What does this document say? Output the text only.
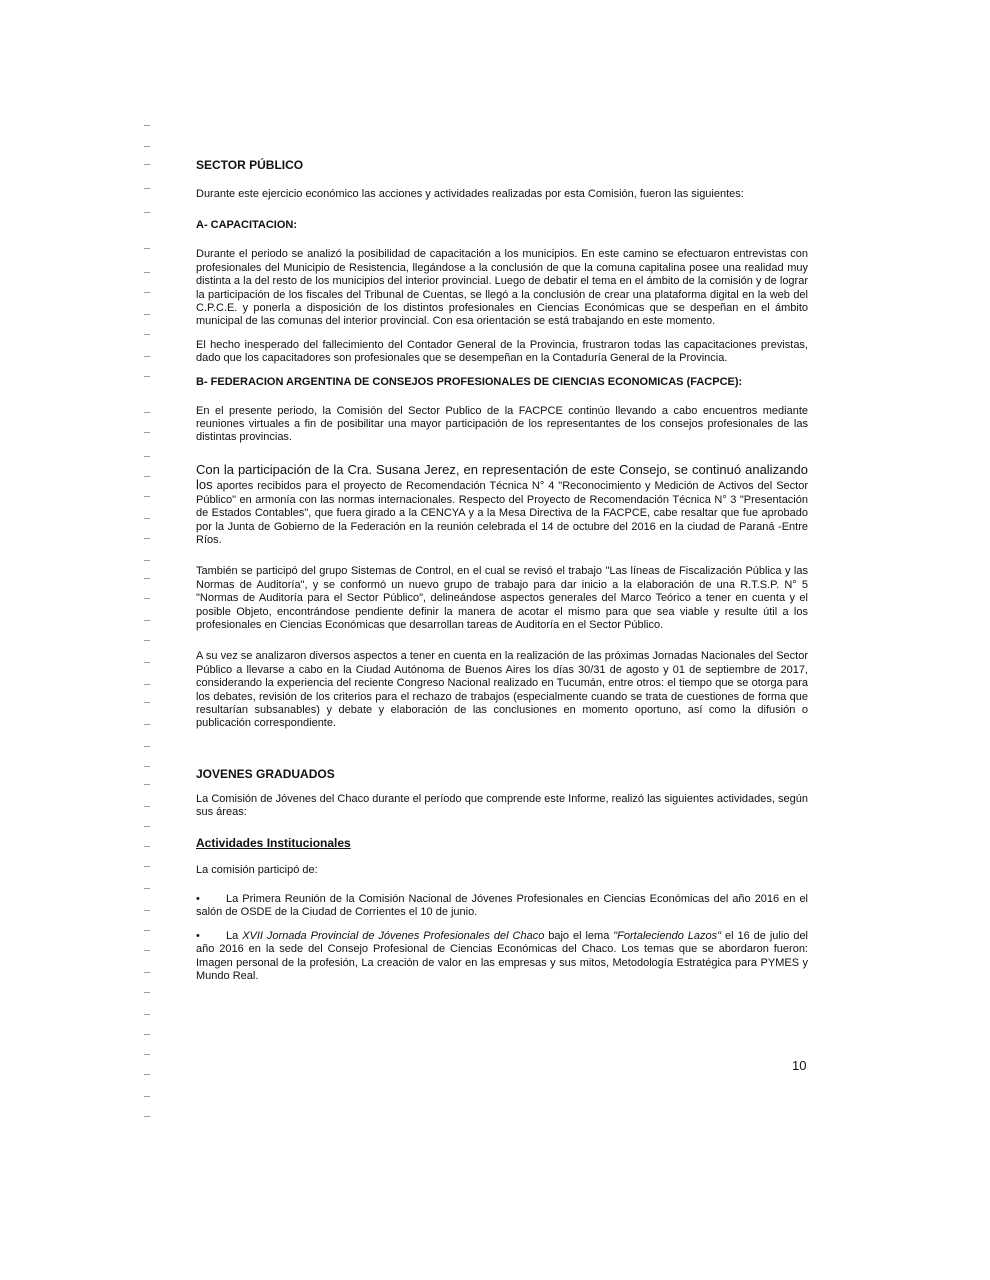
SECTOR PÚBLICO

Durante este ejercicio económico las acciones y actividades realizadas por esta Comisión, fueron las siguientes:

A- CAPACITACION:

Durante el periodo se analizó la posibilidad de capacitación a los municipios. En este camino se efectuaron entrevistas con profesionales del Municipio de Resistencia, llegándose a la conclusión de que la comuna capitalina posee una realidad muy distinta a la del resto de los municipios del interior provincial. Luego de debatir el tema en el ámbito de la comisión y de lograr la participación de los fiscales del Tribunal de Cuentas, se llegó a la conclusión de crear una plataforma digital en la web del C.P.C.E. y ponerla a disposición de los distintos profesionales en Ciencias Económicas que se despeñan en el ámbito municipal de las comunas del interior provincial. Con esa orientación se está trabajando en este momento.

El hecho inesperado del fallecimiento del Contador General de la Provincia, frustraron todas las capacitaciones previstas, dado que los capacitadores son profesionales que se desempeñan en la Contaduría General de la Provincia.

B- FEDERACION ARGENTINA DE CONSEJOS PROFESIONALES DE CIENCIAS ECONOMICAS (FACPCE):

En el presente periodo, la Comisión del Sector Publico de la FACPCE continúo llevando a cabo encuentros mediante reuniones virtuales a fin de posibilitar una mayor participación de los representantes de los consejos profesionales de las distintas provincias.

Con la participación de la Cra. Susana Jerez, en representación de este Consejo, se continuó analizando los aportes recibidos para el proyecto de Recomendación Técnica N° 4 "Reconocimiento y Medición de Activos del Sector Público" en armonía con las normas internacionales. Respecto del Proyecto de Recomendación Técnica N° 3 "Presentación de Estados Contables", que fuera girado a la CENCYA y a la Mesa Directiva de la FACPCE, cabe resaltar que fue aprobado por la Junta de Gobierno de la Federación en la reunión celebrada el 14 de octubre del 2016 en la ciudad de Paraná -Entre Ríos.

También se participó del grupo Sistemas de Control, en el cual se revisó el trabajo "Las líneas de Fiscalización Pública y las Normas de Auditoría", y se conformó un nuevo grupo de trabajo para dar inicio a la elaboración de una R.T.S.P. N° 5 "Normas de Auditoría para el Sector Público", delineándose aspectos generales del Marco Teórico a tener en cuenta y el posible Objeto, encontrándose pendiente definir la manera de acotar el mismo para que sea viable y resulte útil a los profesionales en Ciencias Económicas que desarrollan tareas de Auditoría en el Sector Público.

A su vez se analizaron diversos aspectos a tener en cuenta en la realización de las próximas Jornadas Nacionales del Sector Público a llevarse a cabo en la Ciudad Autónoma de Buenos Aires los días 30/31 de agosto y 01 de septiembre de 2017, considerando la experiencia del reciente Congreso Nacional realizado en Tucumán, entre otros: el tiempo que se otorga para los debates, revisión de los criterios para el rechazo de trabajos (especialmente cuando se trata de cuestiones de forma que resultarían subsanables) y debate y elaboración de las conclusiones en momento oportuno, así como la difusión o publicación correspondiente.

JOVENES GRADUADOS

La Comisión de Jóvenes del Chaco durante el período que comprende este Informe, realizó las siguientes actividades, según sus áreas:

Actividades Institucionales

La comisión participó de:

• La Primera Reunión de la Comisión Nacional de Jóvenes Profesionales en Ciencias Económicas del año 2016 en el salón de OSDE de la Ciudad de Corrientes el 10 de junio.

• La XVII Jornada Provincial de Jóvenes Profesionales del Chaco bajo el lema "Fortaleciendo Lazos" el 16 de julio del año 2016 en la sede del Consejo Profesional de Ciencias Económicas del Chaco. Los temas que se abordaron fueron: Imagen personal de la profesión, La creación de valor en las empresas y sus mitos, Metodología Estratégica para PYMES y Mundo Real.

10
